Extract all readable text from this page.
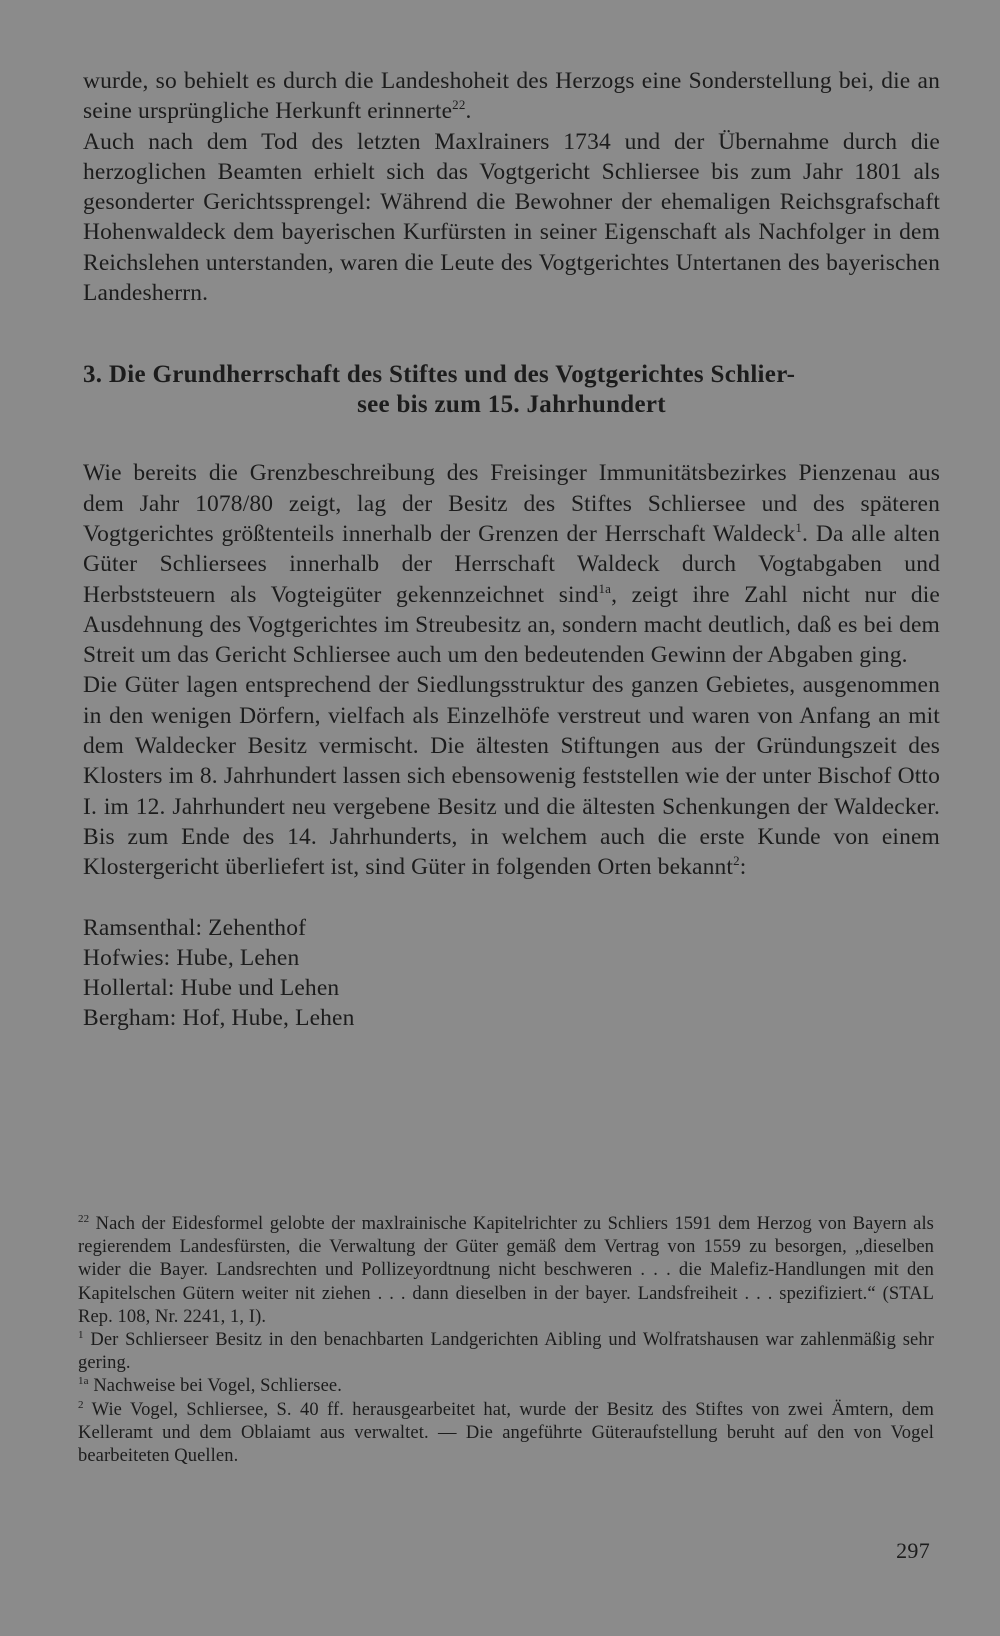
wurde, so behielt es durch die Landeshoheit des Herzogs eine Sonderstellung bei, die an seine ursprüngliche Herkunft erinnerte$^{22}$.

Auch nach dem Tod des letzten Maxlrainers 1734 und der Übernahme durch die herzoglichen Beamten erhielt sich das Vogtgericht Schliersee bis zum Jahr 1801 als gesonderter Gerichtssprengel: Während die Bewohner der ehemaligen Reichsgrafschaft Hohenwaldeck dem bayerischen Kurfürsten in seiner Eigenschaft als Nachfolger in dem Reichslehen unterstanden, waren die Leute des Vogtgerichtes Untertanen des bayerischen Landesherrn.

3. Die Grundherrschaft des Stiftes und des Vogtgerichtes Schlier-
see bis zum 15. Jahrhundert

Wie bereits die Grenzbeschreibung des Freisinger Immunitätsbezirkes Pienzenau aus dem Jahr 1078/80 zeigt, lag der Besitz des Stiftes Schliersee und des späteren Vogtgerichtes größtenteils innerhalb der Grenzen der Herrschaft Waldeck$^1$. Da alle alten Güter Schliersees innerhalb der Herrschaft Waldeck durch Vogtabgaben und Herbststeuern als Vogteigüter gekennzeichnet sind$^{1a}$, zeigt ihre Zahl nicht nur die Ausdehnung des Vogtgerichtes im Streubesitz an, sondern macht deutlich, daß es bei dem Streit um das Gericht Schliersee auch um den bedeutenden Gewinn der Abgaben ging.

Die Güter lagen entsprechend der Siedlungsstruktur des ganzen Gebietes, ausgenommen in den wenigen Dörfern, vielfach als Einzelhöfe verstreut und waren von Anfang an mit dem Waldecker Besitz vermischt. Die ältesten Stiftungen aus der Gründungszeit des Klosters im 8. Jahrhundert lassen sich ebensowenig feststellen wie der unter Bischof Otto I. im 12. Jahrhundert neu vergebene Besitz und die ältesten Schenkungen der Waldecker. Bis zum Ende des 14. Jahrhunderts, in welchem auch die erste Kunde von einem Klostergericht überliefert ist, sind Güter in folgenden Orten bekannt$^2$:

Ramsenthal: Zehenthof
Hofwies: Hube, Lehen
Hollertal: Hube und Lehen
Bergham: Hof, Hube, Lehen

$^{22}$ Nach der Eidesformel gelobte der maxlrainische Kapitelrichter zu Schliers 1591 dem Herzog von Bayern als regierendem Landesfürsten, die Verwaltung der Güter gemäß dem Vertrag von 1559 zu besorgen, „dieselben wider die Bayer. Landsrechten und Pollizeyordtnung nicht beschweren . . . die Malefiz-Handlungen mit den Kapitelschen Gütern weiter nit ziehen . . . dann dieselben in der bayer. Landsfreiheit . . . spezifiziert.“ (STAL Rep. 108, Nr. 2241, 1, I).

$^1$ Der Schlierseer Besitz in den benachbarten Landgerichten Aibling und Wolfratshausen war zahlenmäßig sehr gering.

$^{1a}$ Nachweise bei Vogel, Schliersee.

$^2$ Wie Vogel, Schliersee, S. 40 ff. herausgearbeitet hat, wurde der Besitz des Stiftes von zwei Ämtern, dem Kelleramt und dem Oblaiamt aus verwaltet. — Die angeführte Güteraufstellung beruht auf den von Vogel bearbeiteten Quellen.

297
